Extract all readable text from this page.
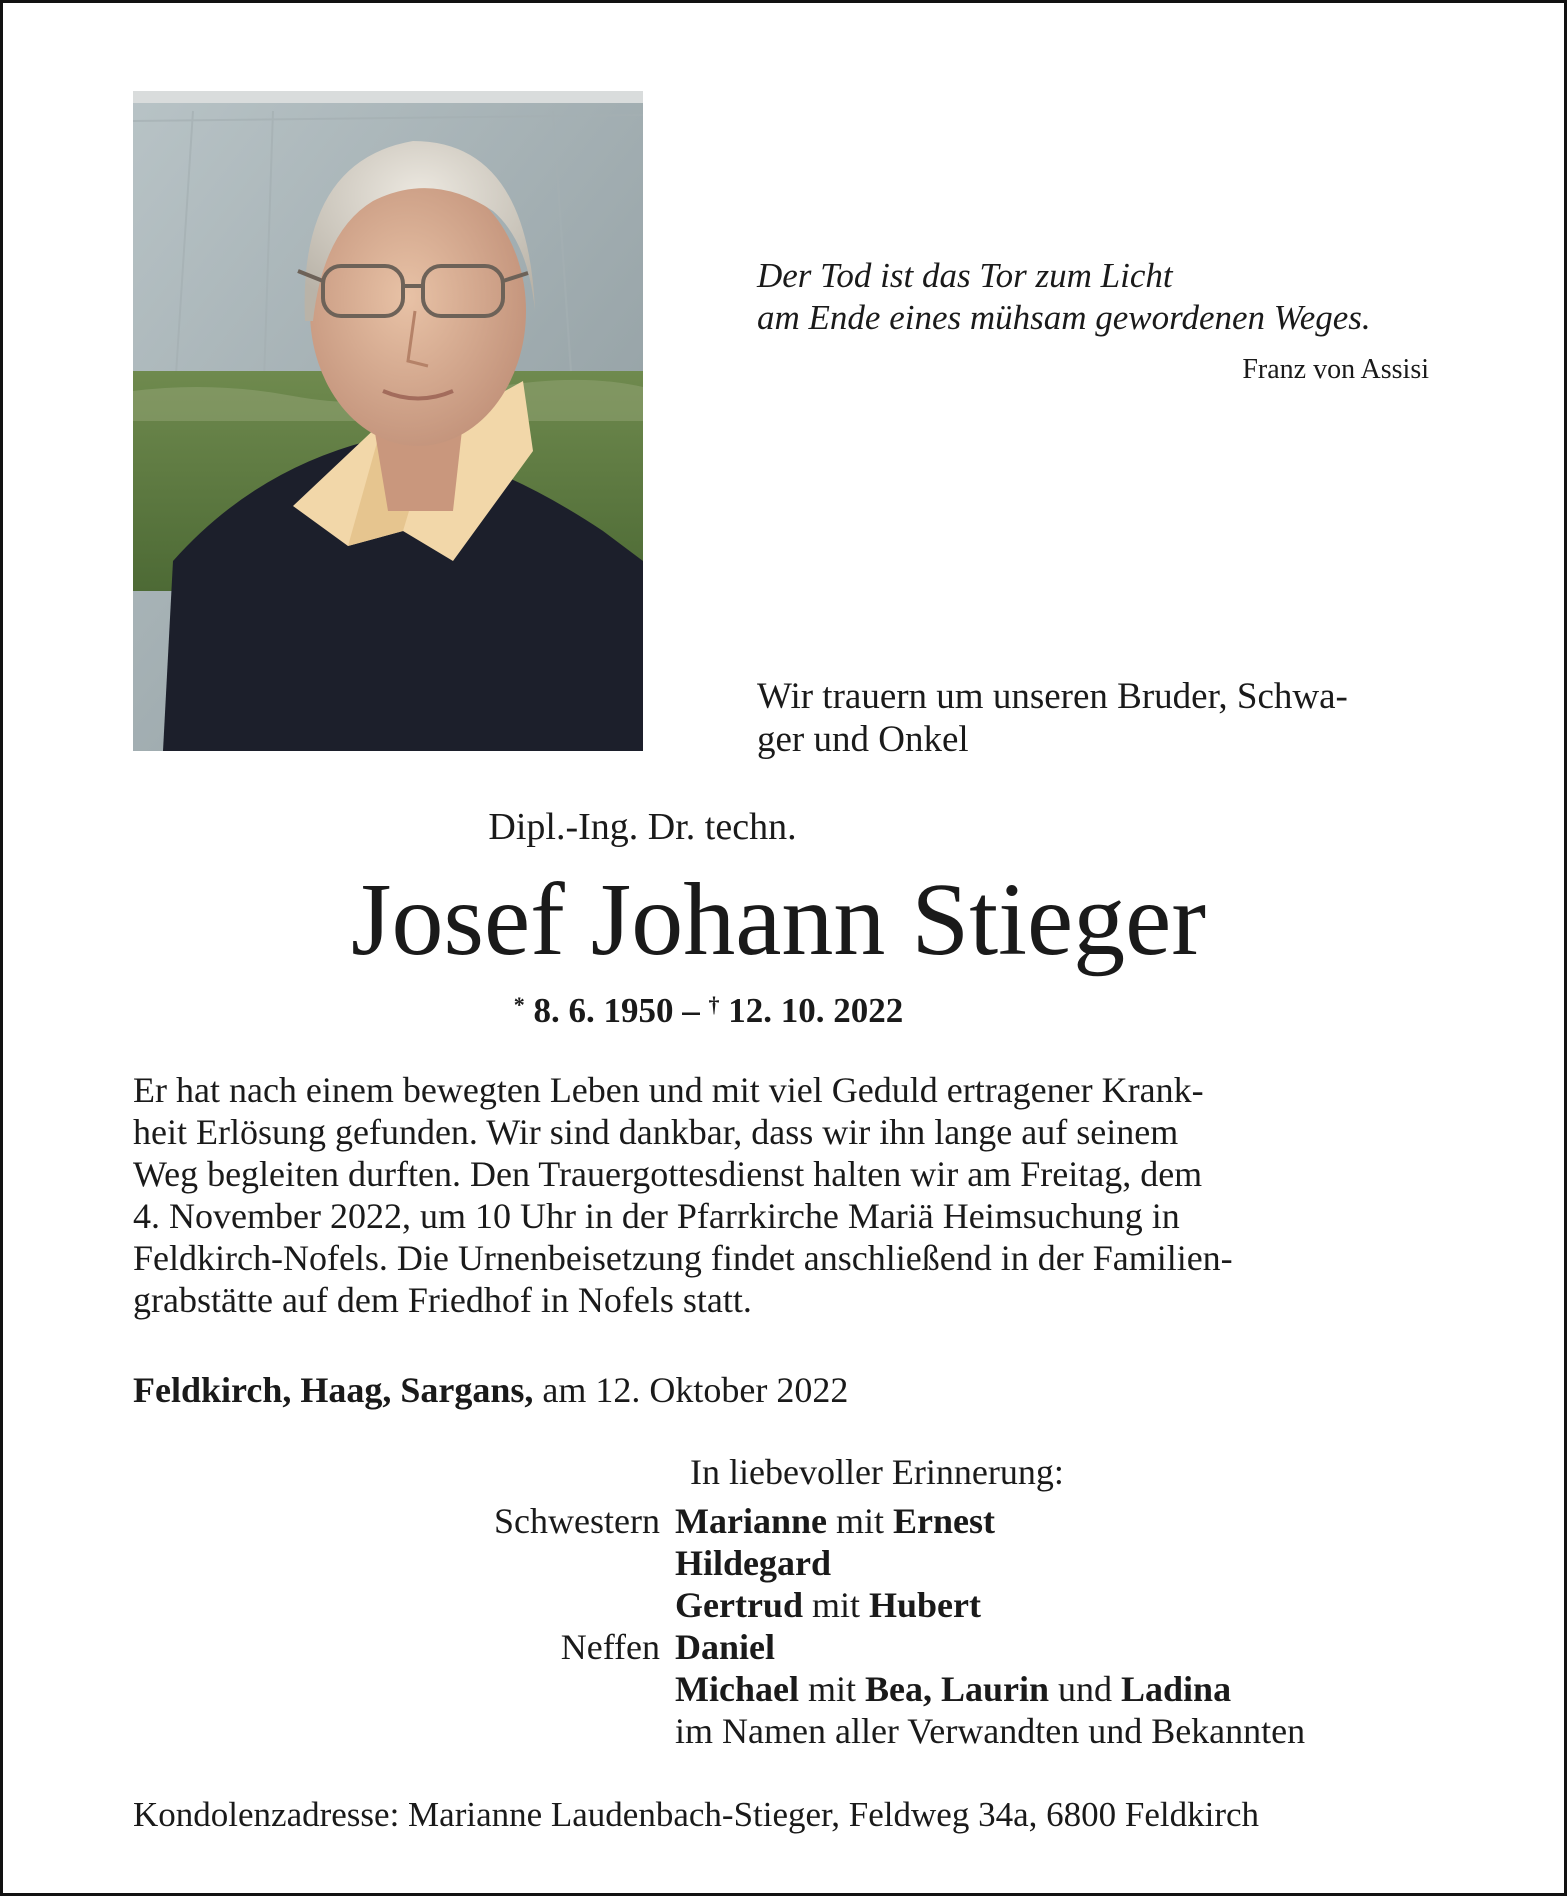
Der Tod ist das Tor zum Licht
am Ende eines mühsam gewordenen Weges.
Franz von Assisi
Wir trauern um unseren Bruder, Schwa-
ger und Onkel
Dipl.-Ing. Dr. techn.
Josef Johann Stieger
* 8. 6. 1950 – † 12. 10. 2022
Er hat nach einem bewegten Leben und mit viel Geduld ertragener Krank-
heit Erlösung gefunden. Wir sind dankbar, dass wir ihn lange auf seinem
Weg begleiten durften. Den Trauergottesdienst halten wir am Freitag, dem
4. November 2022, um 10 Uhr in der Pfarrkirche Mariä Heimsuchung in
Feldkirch-Nofels. Die Urnenbeisetzung findet anschließend in der Familien-
grabstätte auf dem Friedhof in Nofels statt.
Feldkirch, Haag, Sargans, am 12. Oktober 2022
In liebevoller Erinnerung:
Schwestern Marianne mit Ernest
Hildegard
Gertrud mit Hubert
Neffen Daniel
Michael mit Bea, Laurin und Ladina
im Namen aller Verwandten und Bekannten
Kondolenzadresse: Marianne Laudenbach-Stieger, Feldweg 34a, 6800 Feldkirch
